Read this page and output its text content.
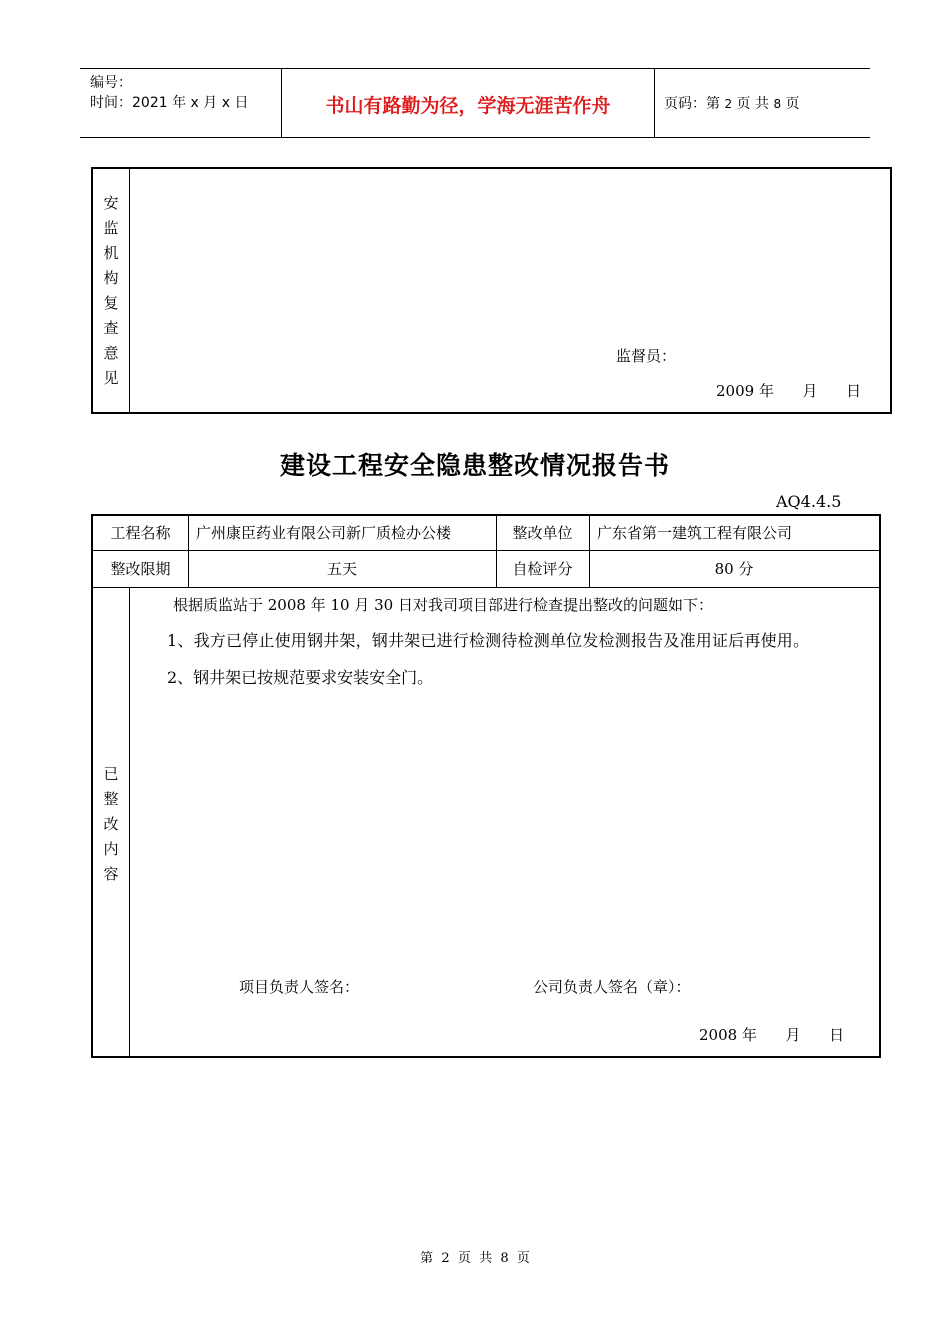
编号：
时间：2021 年 x 月 x 日	书山有路勤为径，学海无涯苦作舟	页码：第 2 页 共 8 页
安
监
机
构
复
查
意
见
监督员：
2009 年      月      日
建设工程安全隐患整改情况报告书
AQ4.4.5
工程名称	广州康臣药业有限公司新厂质检办公楼	整改单位	广东省第一建筑工程有限公司
整改限期	五天	自检评分	80 分
已
整
改
内
容
根据质监站于 2008 年 10 月 30 日对我司项目部进行检查提出整改的问题如下：
1、我方已停止使用钢井架，钢井架已进行检测待检测单位发检测报告及准用证后再使用。
2、钢井架已按规范要求安装安全门。
项目负责人签名：	公司负责人签名（章）：
2008 年      月      日
第  2  页  共  8  页
